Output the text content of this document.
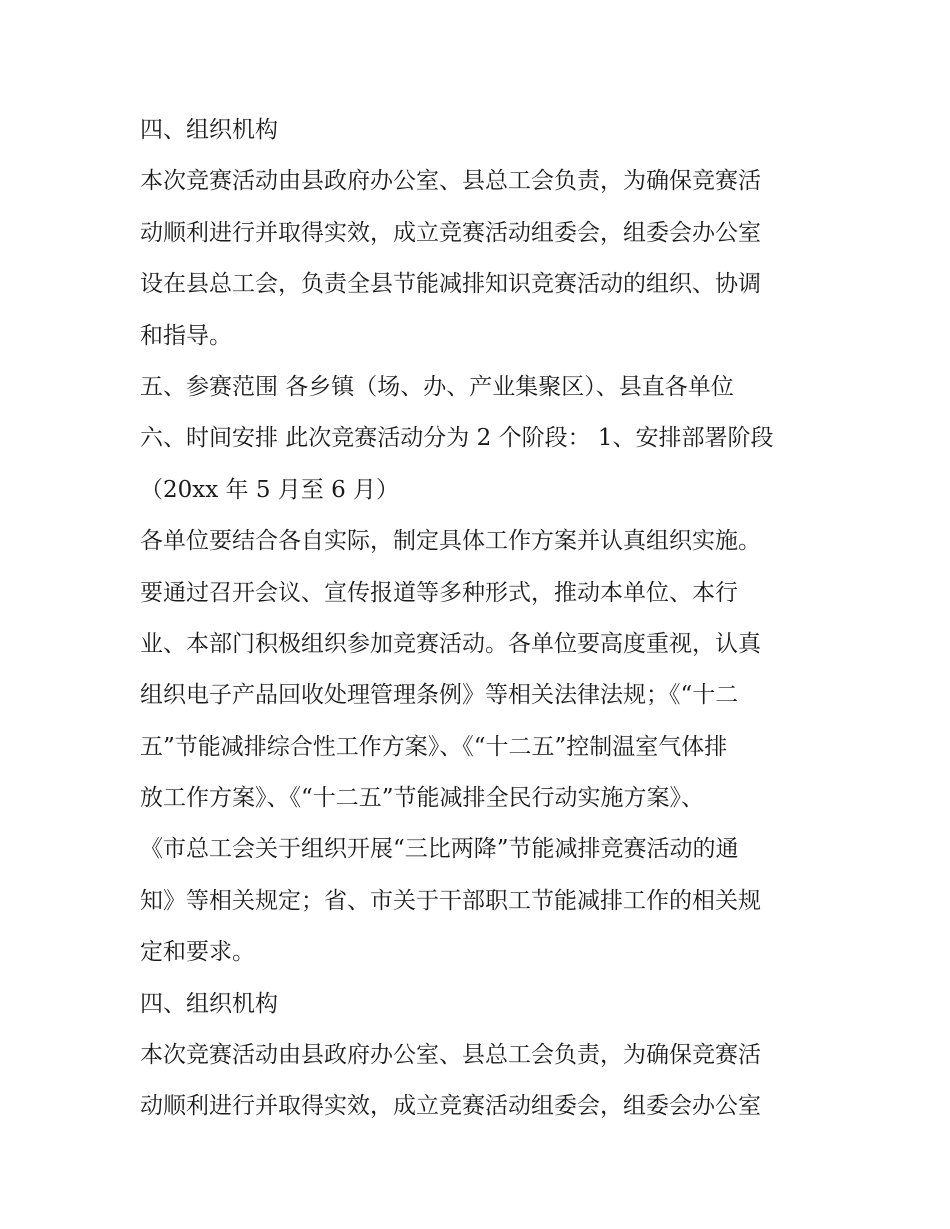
四、组织机构
本次竞赛活动由县政府办公室、县总工会负责，为确保竞赛活
动顺利进行并取得实效，成立竞赛活动组委会，组委会办公室
设在县总工会，负责全县节能减排知识竞赛活动的组织、协调
和指导。
五、参赛范围 各乡镇（场、办、产业集聚区）、县直各单位
六、时间安排 此次竞赛活动分为 2 个阶段： 1、安排部署阶段
（20xx 年 5 月至 6 月）
各单位要结合各自实际，制定具体工作方案并认真组织实施。
要通过召开会议、宣传报道等多种形式，推动本单位、本行
业、本部门积极组织参加竞赛活动。各单位要高度重视，认真
组织电子产品回收处理管理条例》等相关法律法规；《“十二
五”节能减排综合性工作方案》、《“十二五”控制温室气体排
放工作方案》、《“十二五”节能减排全民行动实施方案》、
《市总工会关于组织开展“三比两降”节能减排竞赛活动的通
知》等相关规定；省、市关于干部职工节能减排工作的相关规
定和要求。
四、组织机构
本次竞赛活动由县政府办公室、县总工会负责，为确保竞赛活
动顺利进行并取得实效，成立竞赛活动组委会，组委会办公室
